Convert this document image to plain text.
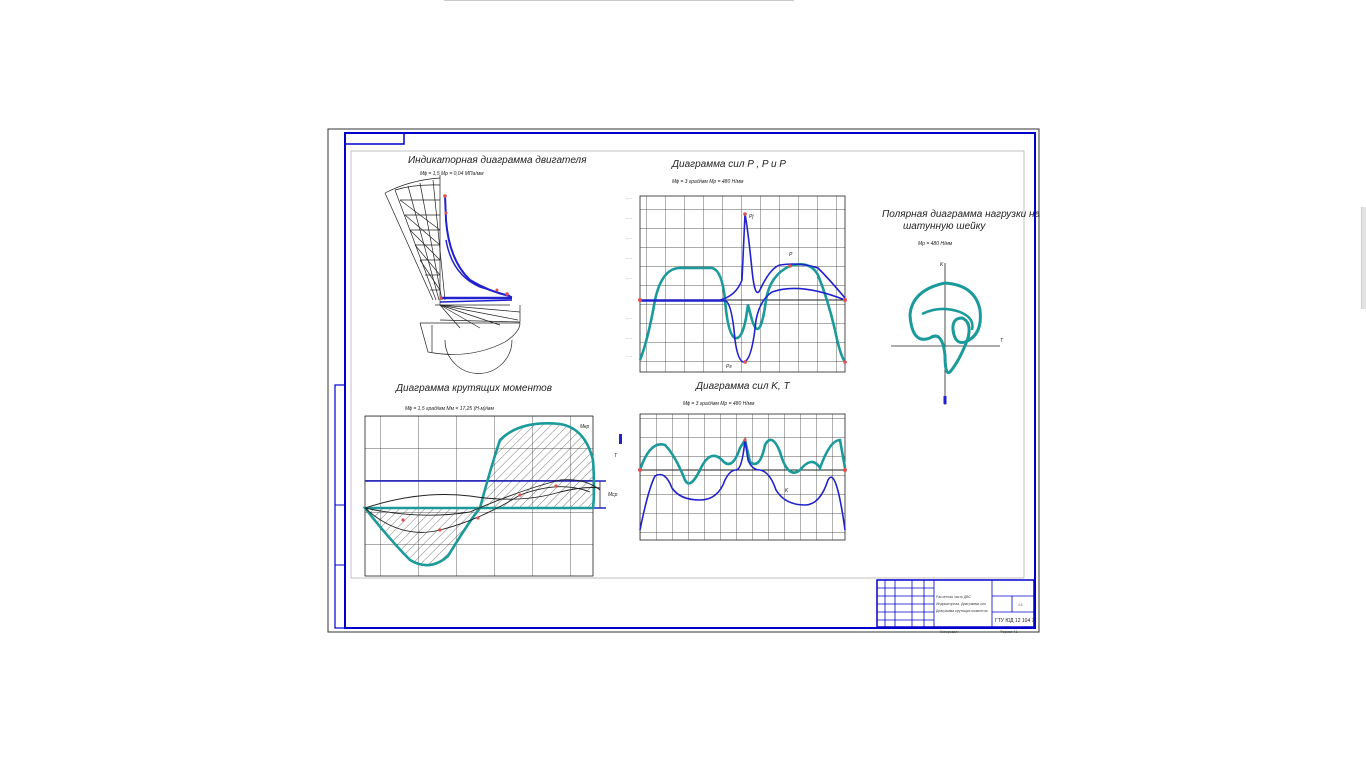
Индикаторная диаграмма двигателя
Mϕ = 1,5 Mp = 0,04 МПа/мм
Диаграмма сил P , P и P
Mϕ = 3 град/мм Mp = 480 Н/мм
Pj
Pг
P
·····
·····
·····
·····
·····
·····
·····
·····
Полярная диаграмма нагрузки на
шатунную шейку
Mp = 480 Н/мм
T
K
Диаграмма крутящих моментов
Mϕ = 1,5 град/мм Mм = 17,25 (Н·м)/мм
Mкр
Mср
Диаграмма сил K, T
Mϕ = 3 град/мм Mp = 480 Н/мм
T
K
Расчетная часть ДВС
Индикаторная, Диаграмма сил
Диаграмма крутящих моментов
1:1
ГТУ ЮД 12 104 7
Копировал	Формат А1
